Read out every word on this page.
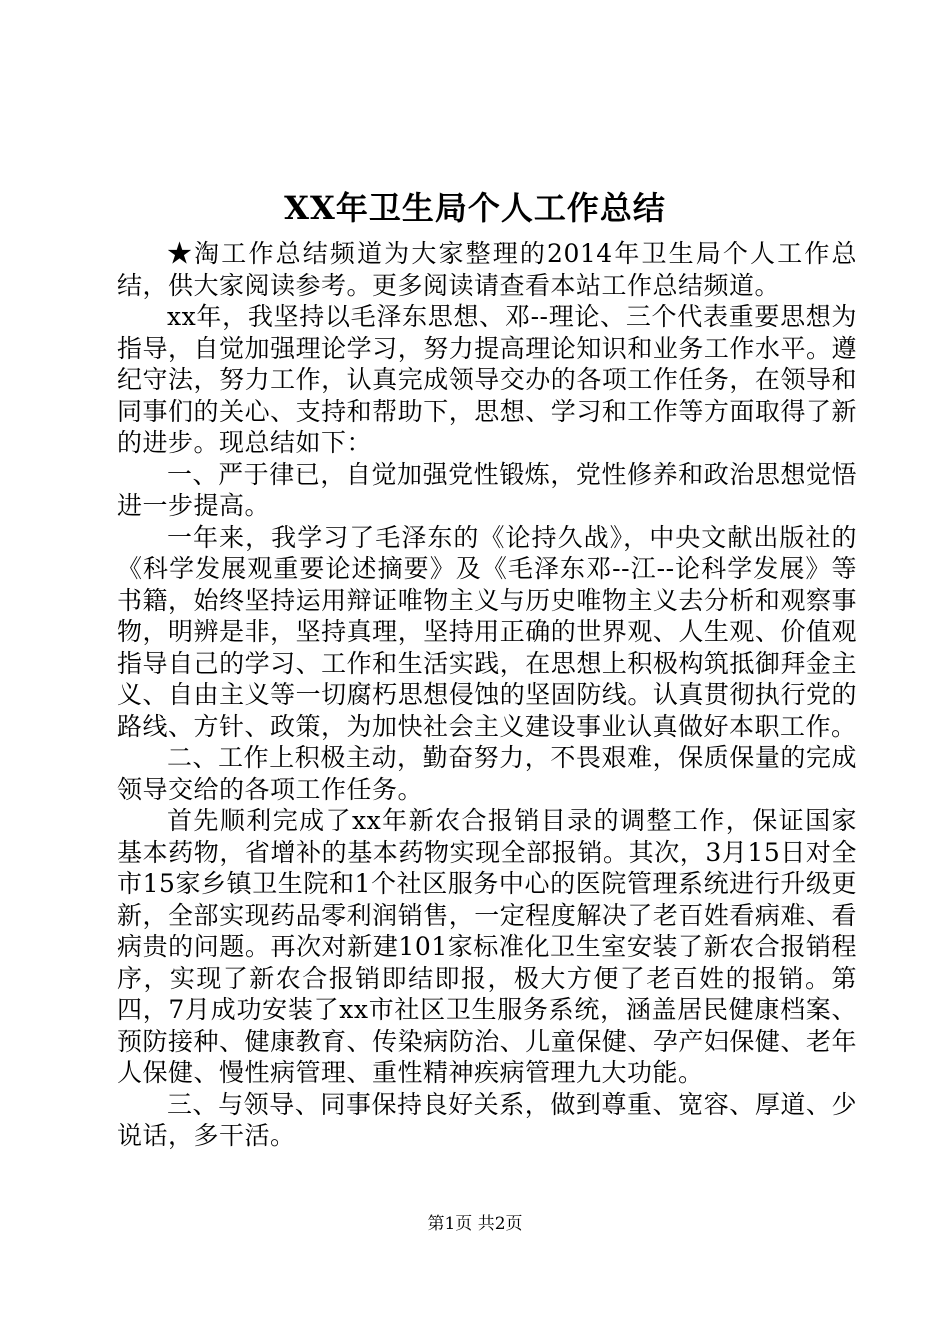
XX年卫生局个人工作总结

★淘工作总结频道为大家整理的2014年卫生局个人工作总结，供大家阅读参考。更多阅读请查看本站工作总结频道。

xx年，我坚持以毛泽东思想、邓--理论、三个代表重要思想为指导，自觉加强理论学习，努力提高理论知识和业务工作水平。遵纪守法，努力工作，认真完成领导交办的各项工作任务，在领导和同事们的关心、支持和帮助下，思想、学习和工作等方面取得了新的进步。现总结如下：

一、严于律已，自觉加强党性锻炼，党性修养和政治思想觉悟进一步提高。

一年来，我学习了毛泽东的《论持久战》，中央文献出版社的《科学发展观重要论述摘要》及《毛泽东邓--江--论科学发展》等书籍，始终坚持运用辩证唯物主义与历史唯物主义去分析和观察事物，明辨是非，坚持真理，坚持用正确的世界观、人生观、价值观指导自己的学习、工作和生活实践，在思想上积极构筑抵御拜金主义、自由主义等一切腐朽思想侵蚀的坚固防线。认真贯彻执行党的路线、方针、政策，为加快社会主义建设事业认真做好本职工作。

二、工作上积极主动，勤奋努力，不畏艰难，保质保量的完成领导交给的各项工作任务。

首先顺利完成了xx年新农合报销目录的调整工作，保证国家基本药物，省增补的基本药物实现全部报销。其次，3月15日对全市15家乡镇卫生院和1个社区服务中心的医院管理系统进行升级更新，全部实现药品零利润销售，一定程度解决了老百姓看病难、看病贵的问题。再次对新建101家标准化卫生室安装了新农合报销程序，实现了新农合报销即结即报，极大方便了老百姓的报销。第四，7月成功安装了xx市社区卫生服务系统，涵盖居民健康档案、预防接种、健康教育、传染病防治、儿童保健、孕产妇保健、老年人保健、慢性病管理、重性精神疾病管理九大功能。

三、与领导、同事保持良好关系，做到尊重、宽容、厚道、少说话，多干活。

第1页 共2页
